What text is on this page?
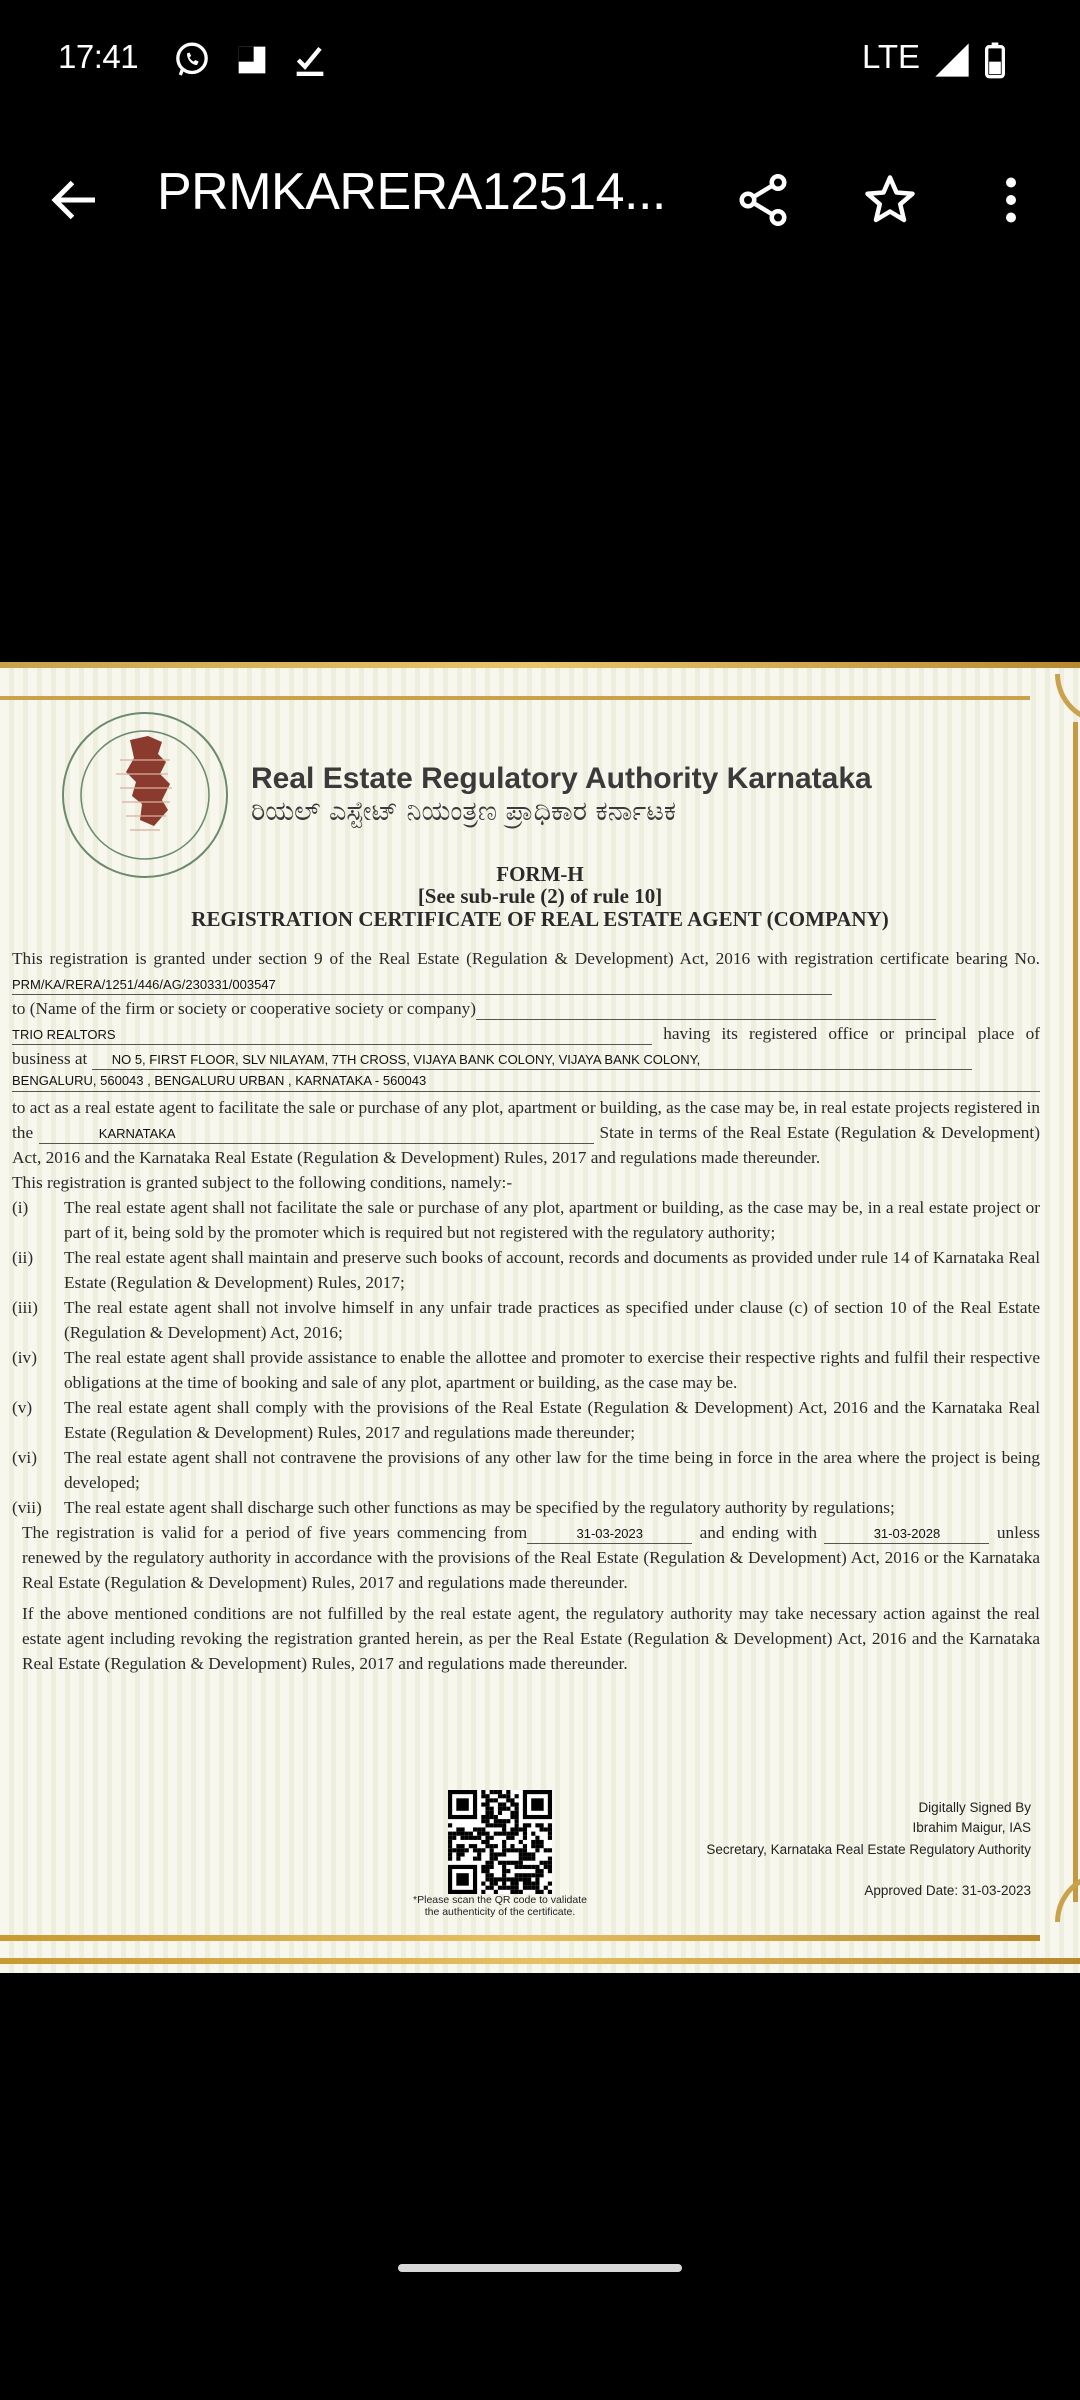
17:41	LTE
PRMKARERA12514...
Real Estate Regulatory Authority Karnataka
ರಿಯಲ್ ಎಸ್ಟೇಟ್ ನಿಯಂತ್ರಣ ಪ್ರಾಧಿಕಾರ ಕರ್ನಾಟಕ
FORM-H
[See sub-rule (2) of rule 10]
REGISTRATION CERTIFICATE OF REAL ESTATE AGENT (COMPANY)

This registration is granted under section 9 of the Real Estate (Regulation & Development) Act, 2016 with registration certificate bearing No. PRM/KA/RERA/1251/446/AG/230331/003547

to (Name of the firm or society or cooperative society or company)

TRIO REALTORS	having its registered office or principal place of business at NO 5, FIRST FLOOR, SLV NILAYAM, 7TH CROSS, VIJAYA BANK COLONY, VIJAYA BANK COLONY,

BENGALURU, 560043 , BENGALURU URBAN , KARNATAKA - 560043

to act as a real estate agent to facilitate the sale or purchase of any plot, apartment or building, as the case may be, in real estate projects registered in the	KARNATAKA	State in terms of the Real Estate (Regulation & Development) Act, 2016 and the Karnataka Real Estate (Regulation & Development) Rules, 2017 and regulations made thereunder.

This registration is granted subject to the following conditions, namely:-

(i)	The real estate agent shall not facilitate the sale or purchase of any plot, apartment or building, as the case may be, in a real estate project or part of it, being sold by the promoter which is required but not registered with the regulatory authority;
(ii)	The real estate agent shall maintain and preserve such books of account, records and documents as provided under rule 14 of Karnataka Real Estate (Regulation & Development) Rules, 2017;
(iii)	The real estate agent shall not involve himself in any unfair trade practices as specified under clause (c) of section 10 of the Real Estate (Regulation & Development) Act, 2016;
(iv)	The real estate agent shall provide assistance to enable the allottee and promoter to exercise their respective rights and fulfil their respective obligations at the time of booking and sale of any plot, apartment or building, as the case may be.
(v)	The real estate agent shall comply with the provisions of the Real Estate (Regulation & Development) Act, 2016 and the Karnataka Real Estate (Regulation & Development) Rules, 2017 and regulations made thereunder;
(vi)	The real estate agent shall not contravene the provisions of any other law for the time being in force in the area where the project is being developed;
(vii)	The real estate agent shall discharge such other functions as may be specified by the regulatory authority by regulations;

The registration is valid for a period of five years commencing from	31-03-2023	and ending with	31-03-2028	unless renewed by the regulatory authority in accordance with the provisions of the Real Estate (Regulation & Development) Act, 2016 or the Karnataka Real Estate (Regulation & Development) Rules, 2017 and regulations made thereunder.

If the above mentioned conditions are not fulfilled by the real estate agent, the regulatory authority may take necessary action against the real estate agent including revoking the registration granted herein, as per the Real Estate (Regulation & Development) Act, 2016 and the Karnataka Real Estate (Regulation & Development) Rules, 2017 and regulations made thereunder.

*Please scan the QR code to validate
the authenticity of the certificate.
Digitally Signed By
Ibrahim Maigur, IAS
Secretary, Karnataka Real Estate Regulatory Authority
Approved Date: 31-03-2023
